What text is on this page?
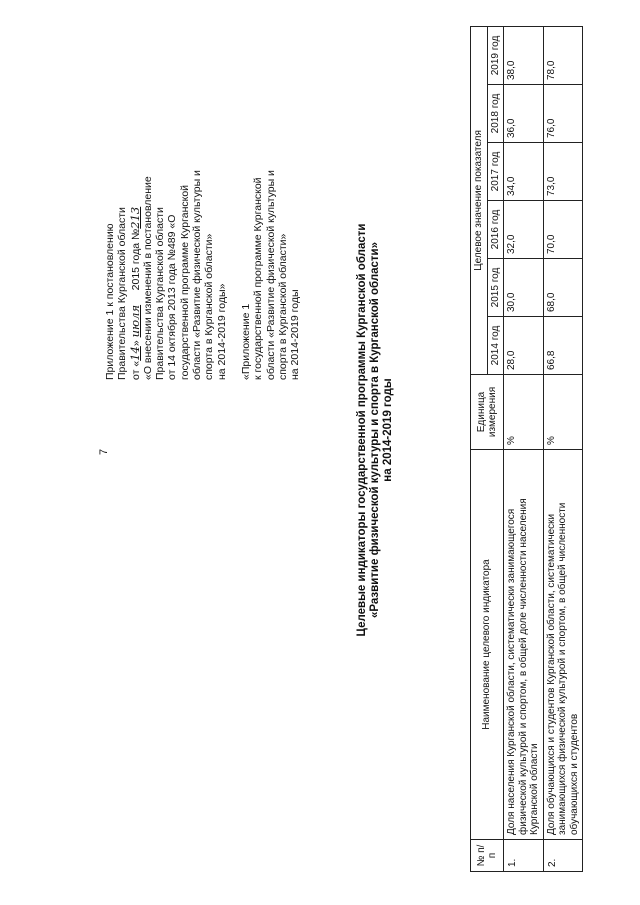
7
Приложение 1 к постановлению Правительства Курганской области от «14» июля     2015 года №213 «О внесении изменений в постановление Правительства Курганской области от 14 октября 2013 года №489 «О государственной программе Курганской области «Развитие физической культуры и спорта в Курганской области» на 2014-2019 годы» «Приложение 1 к государственной программе Курганской области «Развитие физической культуры и спорта в Курганской области» на 2014-2019 годы	Целевые индикаторы государственной программы Курганской области «Развитие физической культуры и спорта в Курганской области» на 2014-2019 годы
№ п/п	Наименование целевого индикатора	Единица измерения	Целевое значение показателя					
			2014 год	2015 год	2016 год	2017 год	2018 год	2019 год
1.	Доля населения Курганской области, систематически занимающегося физической культурой и спортом, в общей доле численности населения Курганской области	%	28,0	30,0	32,0	34,0	36,0	38,0
2.	Доля обучающихся и студентов Курганской области, систематически занимающихся физической культурой и спортом, в общей численности обучающихся и студентов	%	66,8	68,0	70,0	73,0	76,0	78,0
